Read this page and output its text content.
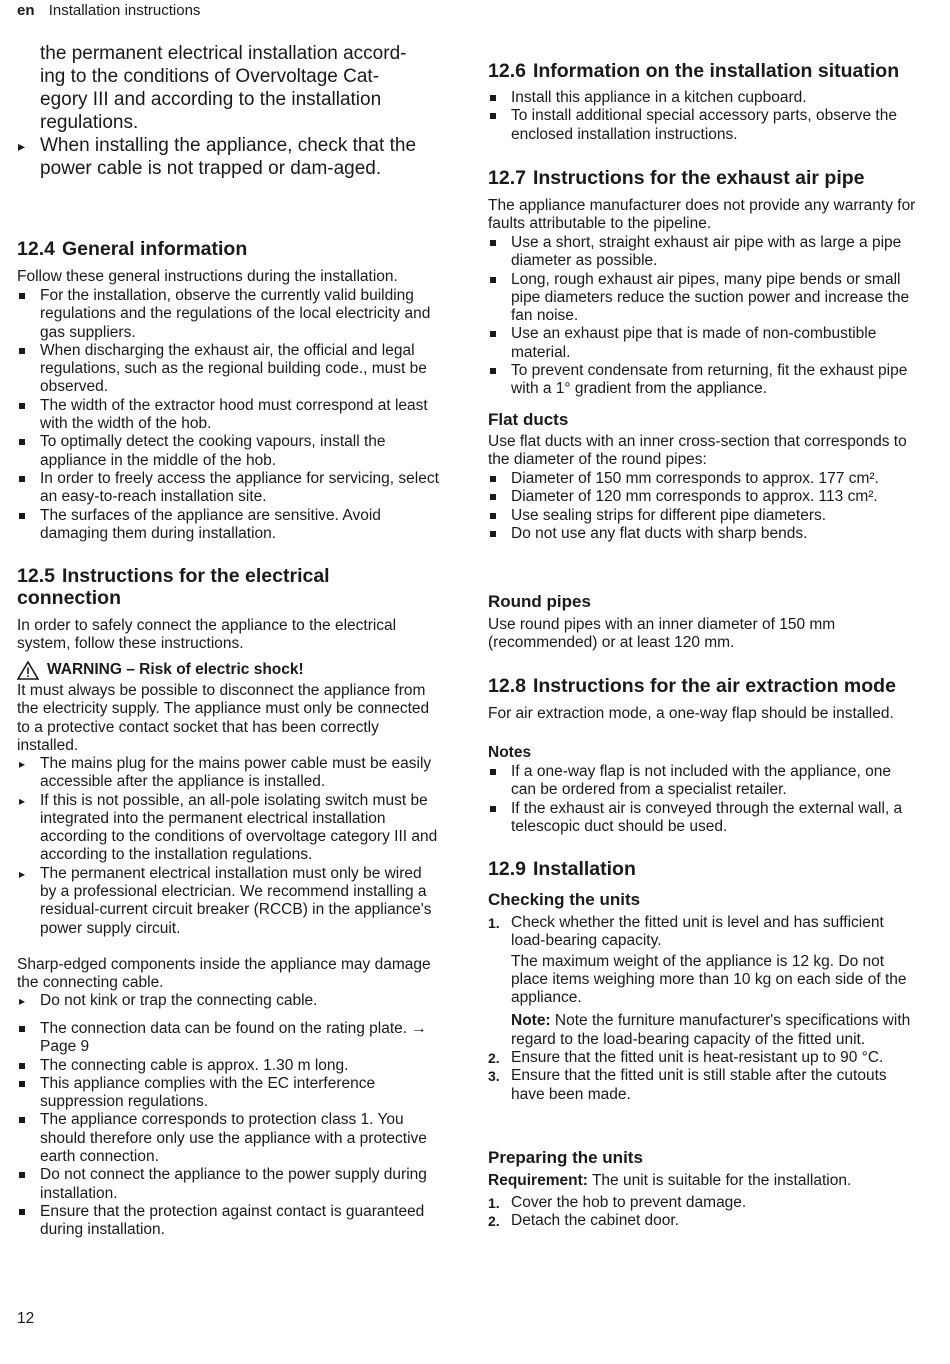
en Installation instructions

the permanent electrical installation accord-

ing to the conditions of Overvoltage Cat-

egory III and according to the installation

regulations.

▸ When installing the appliance, check that the power cable is not trapped or dam-aged.
12.4 General information

Follow these general instructions during the installation.

For the installation, observe the currently valid building regulations and the regulations of the local electricity and gas suppliers.
When discharging the exhaust air, the official and legal regulations, such as the regional building code., must be observed.
The width of the extractor hood must correspond at least with the width of the hob.
To optimally detect the cooking vapours, install the appliance in the middle of the hob.
In order to freely access the appliance for servicing, select an easy-to-reach installation site.
The surfaces of the appliance are sensitive. Avoid damaging them during installation.
12.5 Instructions for the electrical connection

In order to safely connect the appliance to the electrical system, follow these instructions.

WARNING – Risk of electric shock!

It must always be possible to disconnect the appliance from the electricity supply. The appliance must only be connected to a protective contact socket that has been correctly installed.

▸ The mains plug for the mains power cable must be easily accessible after the appliance is installed.
▸ If this is not possible, an all-pole isolating switch must be integrated into the permanent electrical installation according to the conditions of overvoltage category III and according to the installation regulations.
▸ The permanent electrical installation must only be wired by a professional electrician. We recommend installing a residual-current circuit breaker (RCCB) in the appliance's power supply circuit.

Sharp-edged components inside the appliance may damage the connecting cable.

▸ Do not kink or trap the connecting cable.
The connection data can be found on the rating plate. → Page 9
The connecting cable is approx. 1.30 m long.
This appliance complies with the EC interference suppression regulations.
The appliance corresponds to protection class 1. You should therefore only use the appliance with a protective earth connection.
Do not connect the appliance to the power supply during installation.
Ensure that the protection against contact is guaranteed during installation.
12.6 Information on the installation situation
Install this appliance in a kitchen cupboard.
To install additional special accessory parts, observe the enclosed installation instructions.
12.7 Instructions for the exhaust air pipe

The appliance manufacturer does not provide any warranty for faults attributable to the pipeline.

Use a short, straight exhaust air pipe with as large a pipe diameter as possible.
Long, rough exhaust air pipes, many pipe bends or small pipe diameters reduce the suction power and increase the fan noise.
Use an exhaust pipe that is made of non-combustible material.
To prevent condensate from returning, fit the exhaust pipe with a 1° gradient from the appliance.
Flat ducts

Use flat ducts with an inner cross-section that corresponds to the diameter of the round pipes:

Diameter of 150 mm corresponds to approx. 177 cm².
Diameter of 120 mm corresponds to approx. 113 cm².
Use sealing strips for different pipe diameters.
Do not use any flat ducts with sharp bends.
Round pipes

Use round pipes with an inner diameter of 150 mm (recommended) or at least 120 mm.

12.8 Instructions for the air extraction mode

For air extraction mode, a one-way flap should be installed.

Notes
If a one-way flap is not included with the appliance, one can be ordered from a specialist retailer.
If the exhaust air is conveyed through the external wall, a telescopic duct should be used.
12.9 Installation
Checking the units
1. Check whether the fitted unit is level and has sufficient load-bearing capacity.
The maximum weight of the appliance is 12 kg. Do not place items weighing more than 10 kg on each side of the appliance.
Note: Note the furniture manufacturer's specifications with regard to the load-bearing capacity of the fitted unit.
2. Ensure that the fitted unit is heat-resistant up to 90 °C.
3. Ensure that the fitted unit is still stable after the cutouts have been made.
Preparing the units

Requirement: The unit is suitable for the installation.

1. Cover the hob to prevent damage.
2. Detach the cabinet door.
12
